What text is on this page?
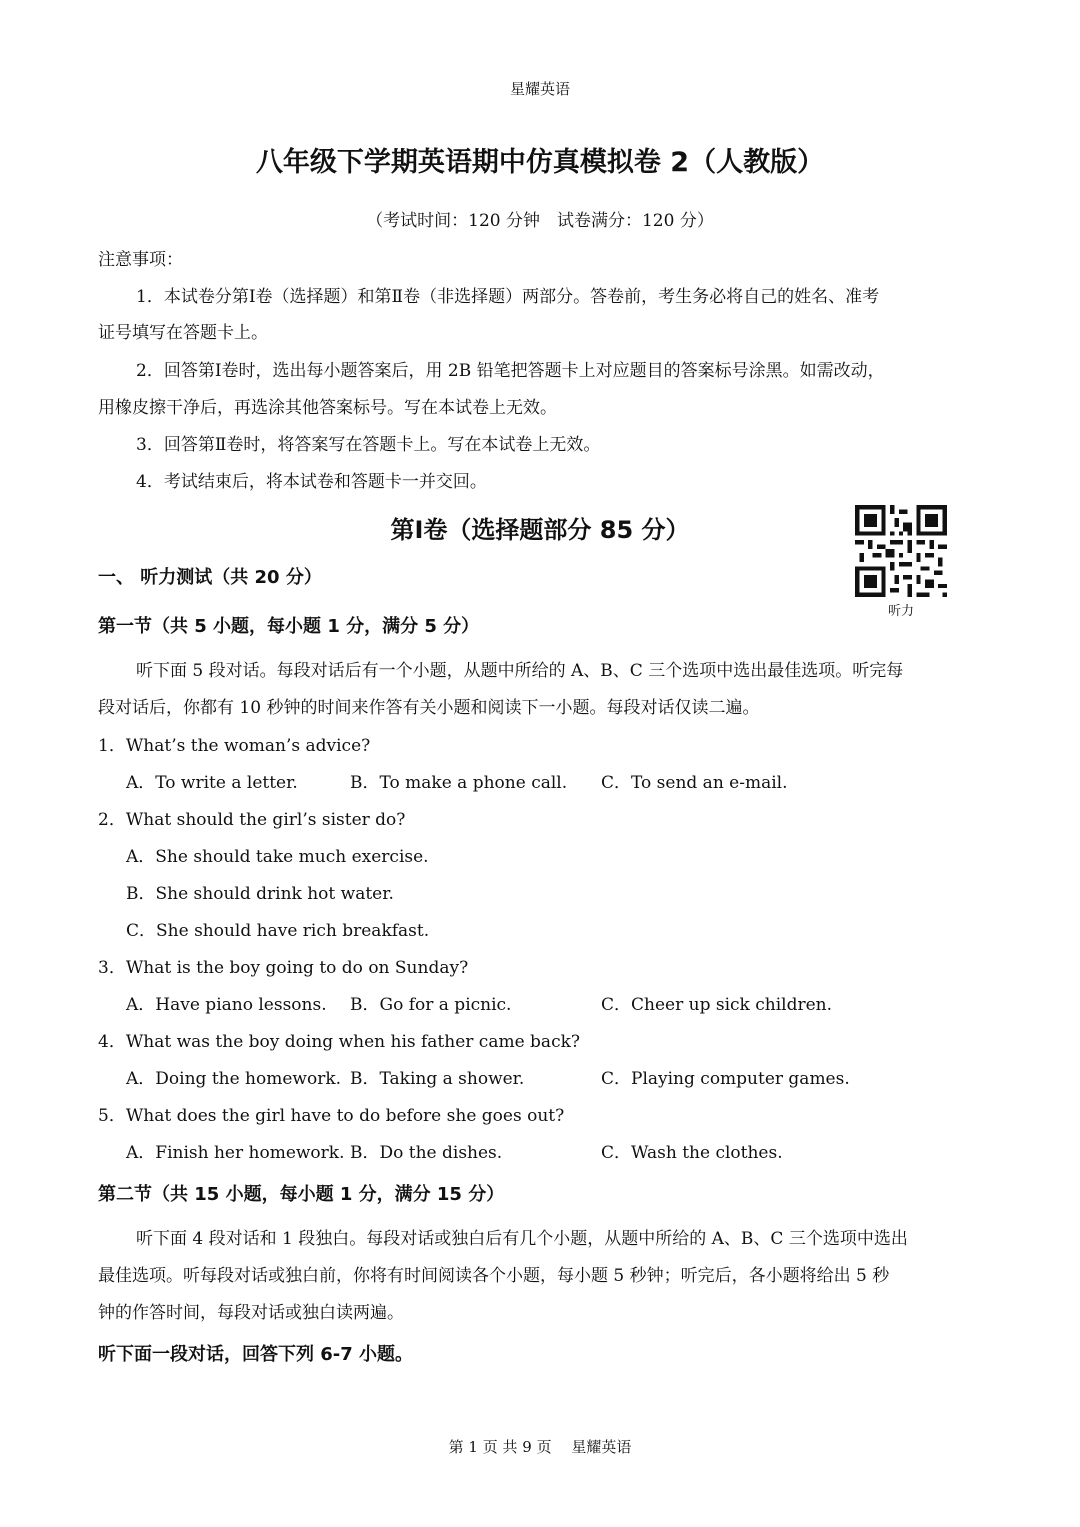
星耀英语
八年级下学期英语期中仿真模拟卷 2（人教版）
（考试时间：120 分钟　试卷满分：120 分）
注意事项：
1．本试卷分第Ⅰ卷（选择题）和第Ⅱ卷（非选择题）两部分。答卷前，考生务必将自己的姓名、准考
证号填写在答题卡上。
2．回答第Ⅰ卷时，选出每小题答案后，用 2B 铅笔把答题卡上对应题目的答案标号涂黑。如需改动，
用橡皮擦干净后，再选涂其他答案标号。写在本试卷上无效。
3．回答第Ⅱ卷时，将答案写在答题卡上。写在本试卷上无效。
4．考试结束后，将本试卷和答题卡一并交回。
第Ⅰ卷（选择题部分 85 分）
听力
一、 听力测试（共 20 分）
第一节（共 5 小题，每小题 1 分，满分 5 分）
听下面 5 段对话。每段对话后有一个小题，从题中所给的 A、B、C 三个选项中选出最佳选项。听完每
段对话后，你都有 10 秒钟的时间来作答有关小题和阅读下一小题。每段对话仅读二遍。
1．What’s the woman’s advice?
A．To write a letter.	B．To make a phone call. C．To send an e-mail.
2．What should the girl’s sister do?
A．She should take much exercise.
B．She should drink hot water.
C．She should have rich breakfast.
3．What is the boy going to do on Sunday?
A．Have piano lessons. B．Go for a picnic.	C．Cheer up sick children.
4．What was the boy doing when his father came back?
A．Doing the homework. B．Taking a shower.	C．Playing computer games.
5．What does the girl have to do before she goes out?
A．Finish her homework. B．Do the dishes.	C．Wash the clothes.
第二节（共 15 小题，每小题 1 分，满分 15 分）
听下面 4 段对话和 1 段独白。每段对话或独白后有几个小题，从题中所给的 A、B、C 三个选项中选出
最佳选项。听每段对话或独白前，你将有时间阅读各个小题，每小题 5 秒钟；听完后，各小题将给出 5 秒
钟的作答时间，每段对话或独白读两遍。
听下面一段对话，回答下列 6-7 小题。
第 1 页 共 9 页　 星耀英语
